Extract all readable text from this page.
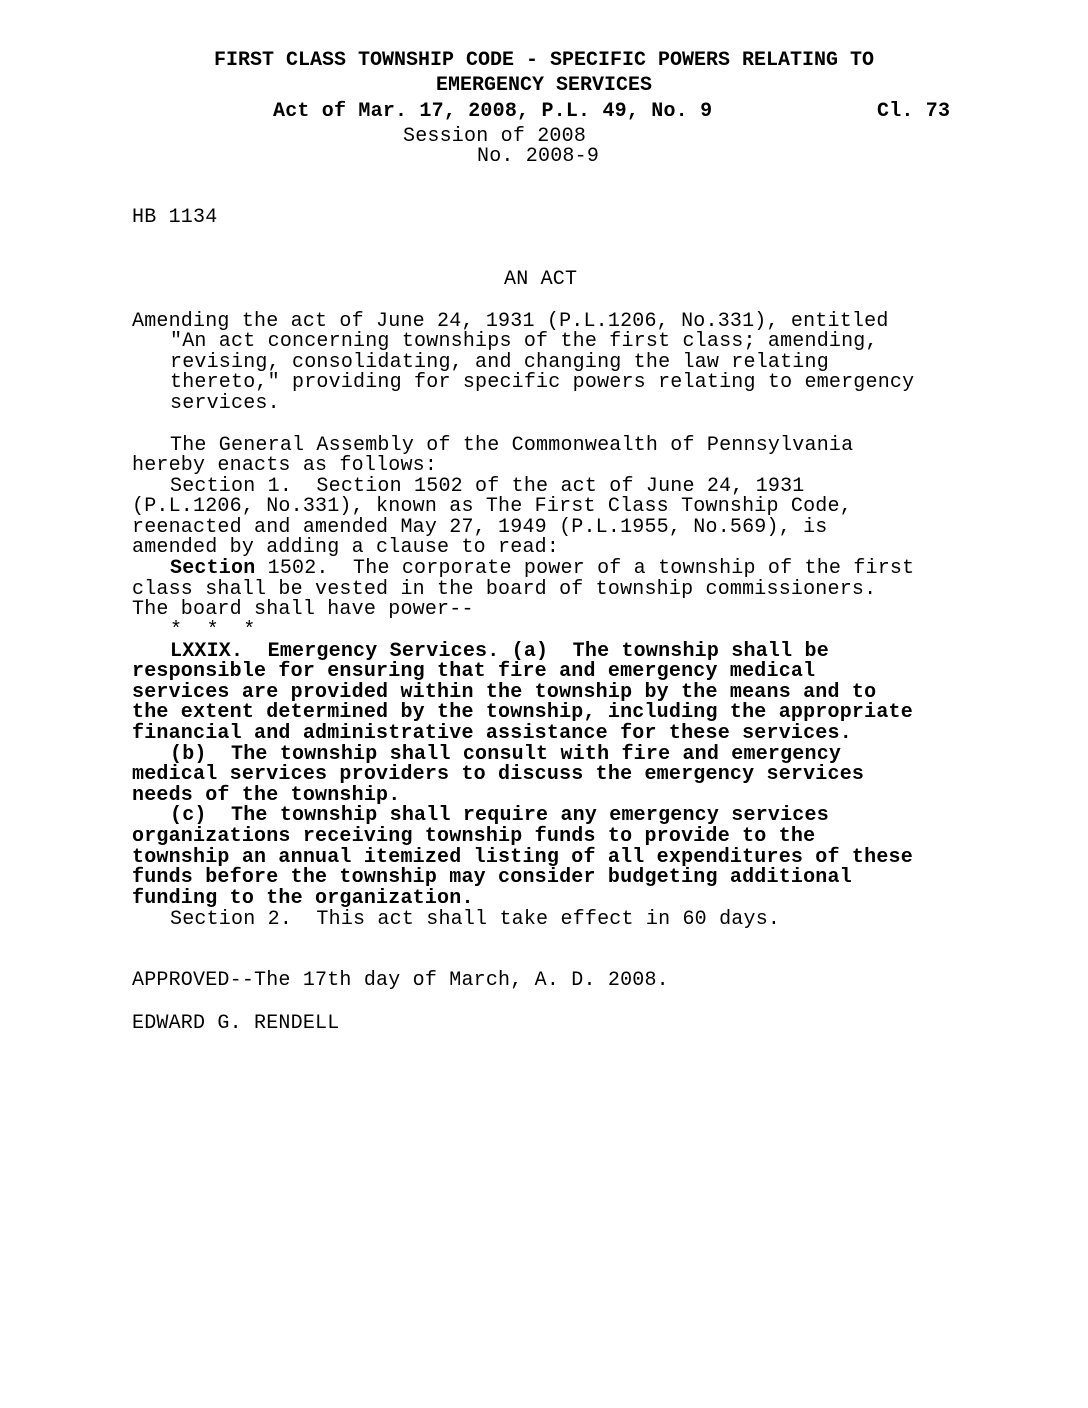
FIRST CLASS TOWNSHIP CODE - SPECIFIC POWERS RELATING TO
EMERGENCY SERVICES
Act of Mar. 17, 2008, P.L. 49, No. 9	Cl. 73
Session of 2008
No. 2008-9
HB 1134
AN ACT
Amending the act of June 24, 1931 (P.L.1206, No.331), entitled
"An act concerning townships of the first class; amending,
revising, consolidating, and changing the law relating
thereto," providing for specific powers relating to emergency
services.
The General Assembly of the Commonwealth of Pennsylvania
hereby enacts as follows:
Section 1.  Section 1502 of the act of June 24, 1931
(P.L.1206, No.331), known as The First Class Township Code,
reenacted and amended May 27, 1949 (P.L.1955, No.569), is
amended by adding a clause to read:
Section 1502.  The corporate power of a township of the first
class shall be vested in the board of township commissioners.
The board shall have power--
*  *  *
LXXIX.  Emergency Services. (a)  The township shall be
responsible for ensuring that fire and emergency medical
services are provided within the township by the means and to
the extent determined by the township, including the appropriate
financial and administrative assistance for these services.
(b)  The township shall consult with fire and emergency
medical services providers to discuss the emergency services
needs of the township.
(c)  The township shall require any emergency services
organizations receiving township funds to provide to the
township an annual itemized listing of all expenditures of these
funds before the township may consider budgeting additional
funding to the organization.
Section 2.  This act shall take effect in 60 days.
APPROVED--The 17th day of March, A. D. 2008.
EDWARD G. RENDELL
